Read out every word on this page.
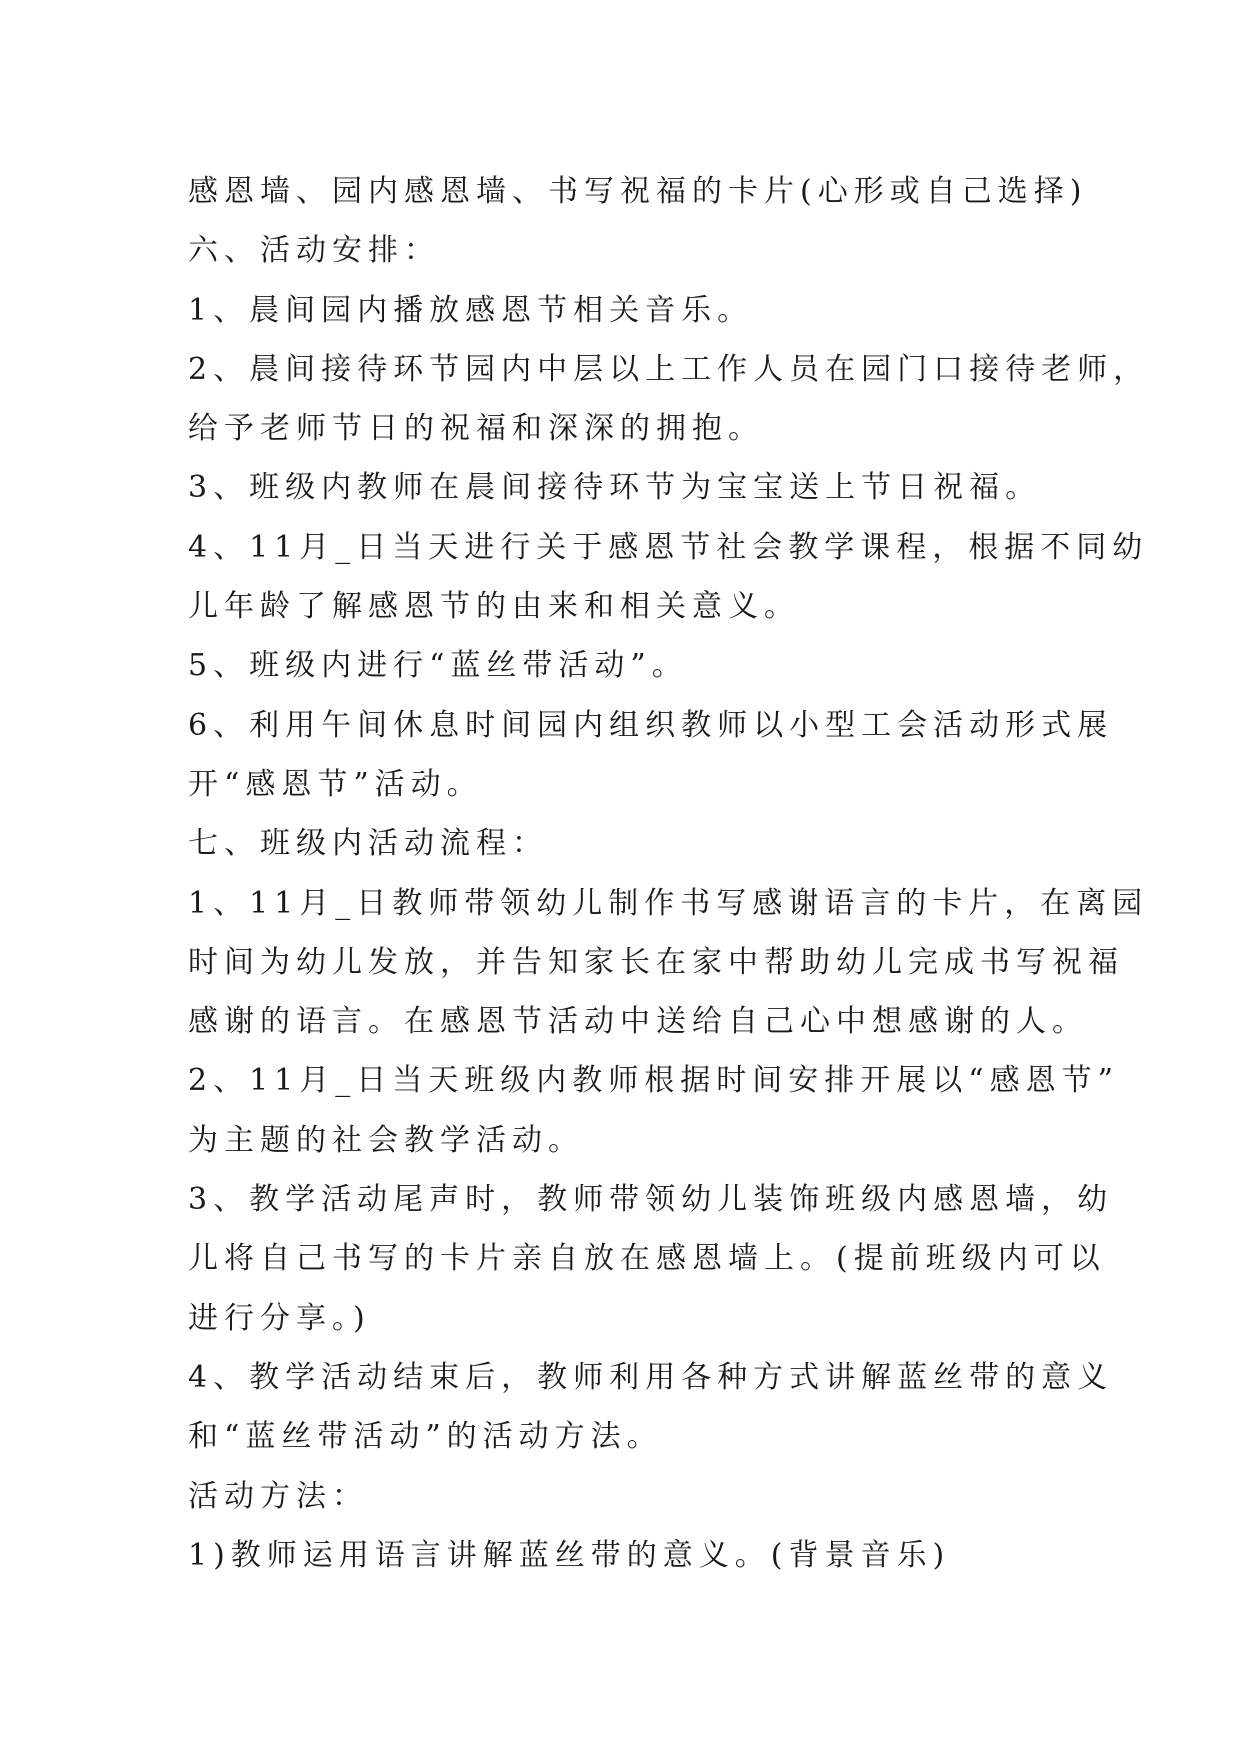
感恩墙、园内感恩墙、书写祝福的卡片(心形或自己选择)
六、活动安排：
1、晨间园内播放感恩节相关音乐。
2、晨间接待环节园内中层以上工作人员在园门口接待老师，
给予老师节日的祝福和深深的拥抱。
3、班级内教师在晨间接待环节为宝宝送上节日祝福。
4、11月_日当天进行关于感恩节社会教学课程，根据不同幼
儿年龄了解感恩节的由来和相关意义。
5、班级内进行“蓝丝带活动”。
6、利用午间休息时间园内组织教师以小型工会活动形式展
开“感恩节”活动。
七、班级内活动流程：
1、11月_日教师带领幼儿制作书写感谢语言的卡片，在离园
时间为幼儿发放，并告知家长在家中帮助幼儿完成书写祝福
感谢的语言。在感恩节活动中送给自己心中想感谢的人。
2、11月_日当天班级内教师根据时间安排开展以“感恩节”
为主题的社会教学活动。
3、教学活动尾声时，教师带领幼儿装饰班级内感恩墙，幼
儿将自己书写的卡片亲自放在感恩墙上。(提前班级内可以
进行分享。)
4、教学活动结束后，教师利用各种方式讲解蓝丝带的意义
和“蓝丝带活动”的活动方法。
活动方法：
1)教师运用语言讲解蓝丝带的意义。(背景音乐)
